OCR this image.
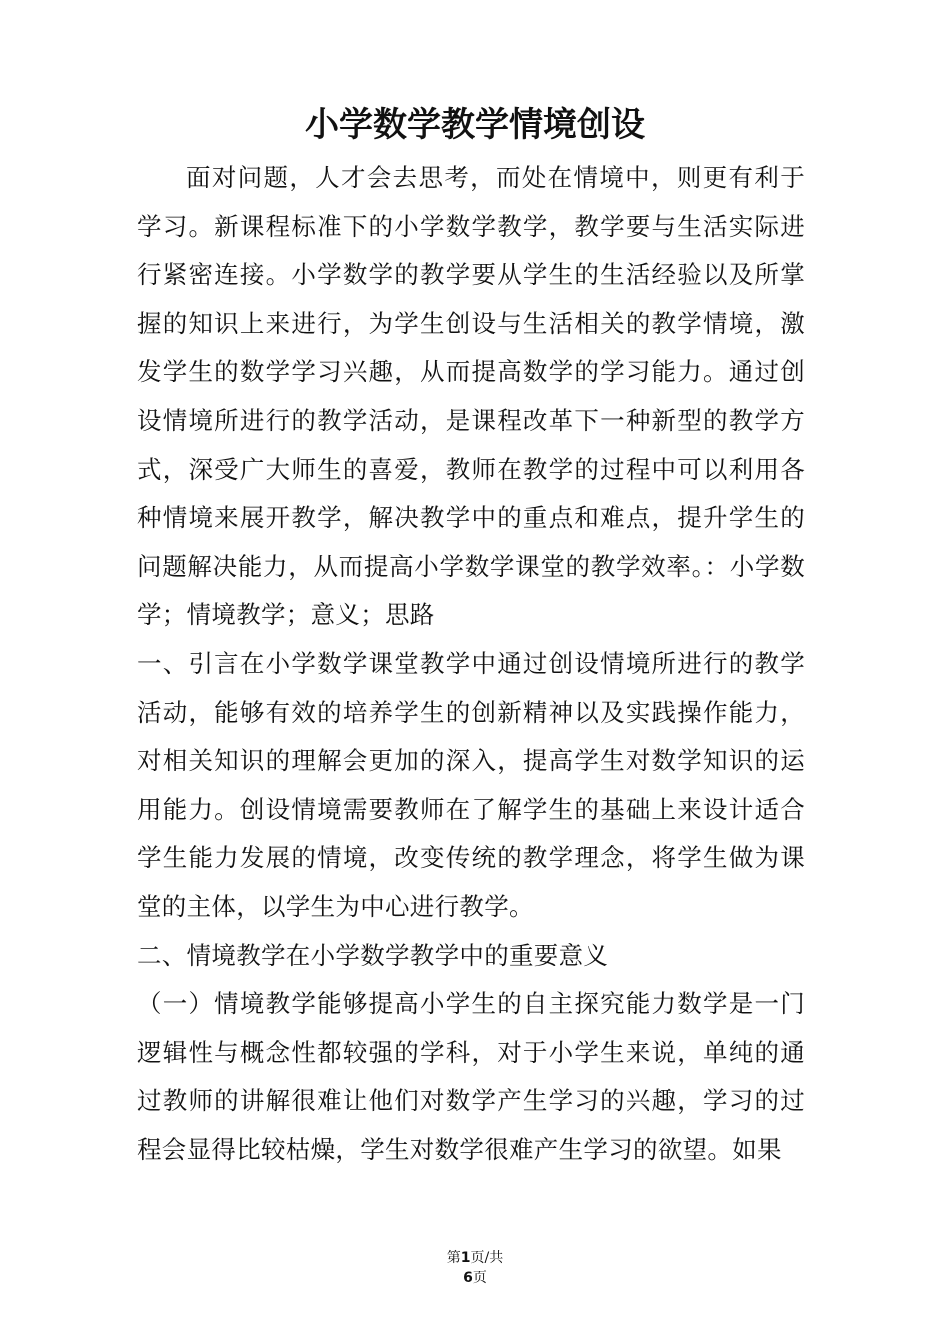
小学数学教学情境创设

面对问题，人才会去思考，而处在情境中，则更有利于学习。新课程标准下的小学数学教学，教学要与生活实际进行紧密连接。小学数学的教学要从学生的生活经验以及所掌握的知识上来进行，为学生创设与生活相关的教学情境，激发学生的数学学习兴趣，从而提高数学的学习能力。通过创设情境所进行的教学活动，是课程改革下一种新型的教学方式，深受广大师生的喜爱，教师在教学的过程中可以利用各种情境来展开教学，解决教学中的重点和难点，提升学生的问题解决能力，从而提高小学数学课堂的教学效率。：小学数学；情境教学；意义；思路

一、引言在小学数学课堂教学中通过创设情境所进行的教学活动，能够有效的培养学生的创新精神以及实践操作能力，对相关知识的理解会更加的深入，提高学生对数学知识的运用能力。创设情境需要教师在了解学生的基础上来设计适合学生能力发展的情境，改变传统的教学理念，将学生做为课堂的主体，以学生为中心进行教学。

二、情境教学在小学数学教学中的重要意义

（一）情境教学能够提高小学生的自主探究能力数学是一门逻辑性与概念性都较强的学科，对于小学生来说，单纯的通过教师的讲解很难让他们对数学产生学习的兴趣，学习的过程会显得比较枯燥，学生对数学很难产生学习的欲望。如果

第1页/共
6页
